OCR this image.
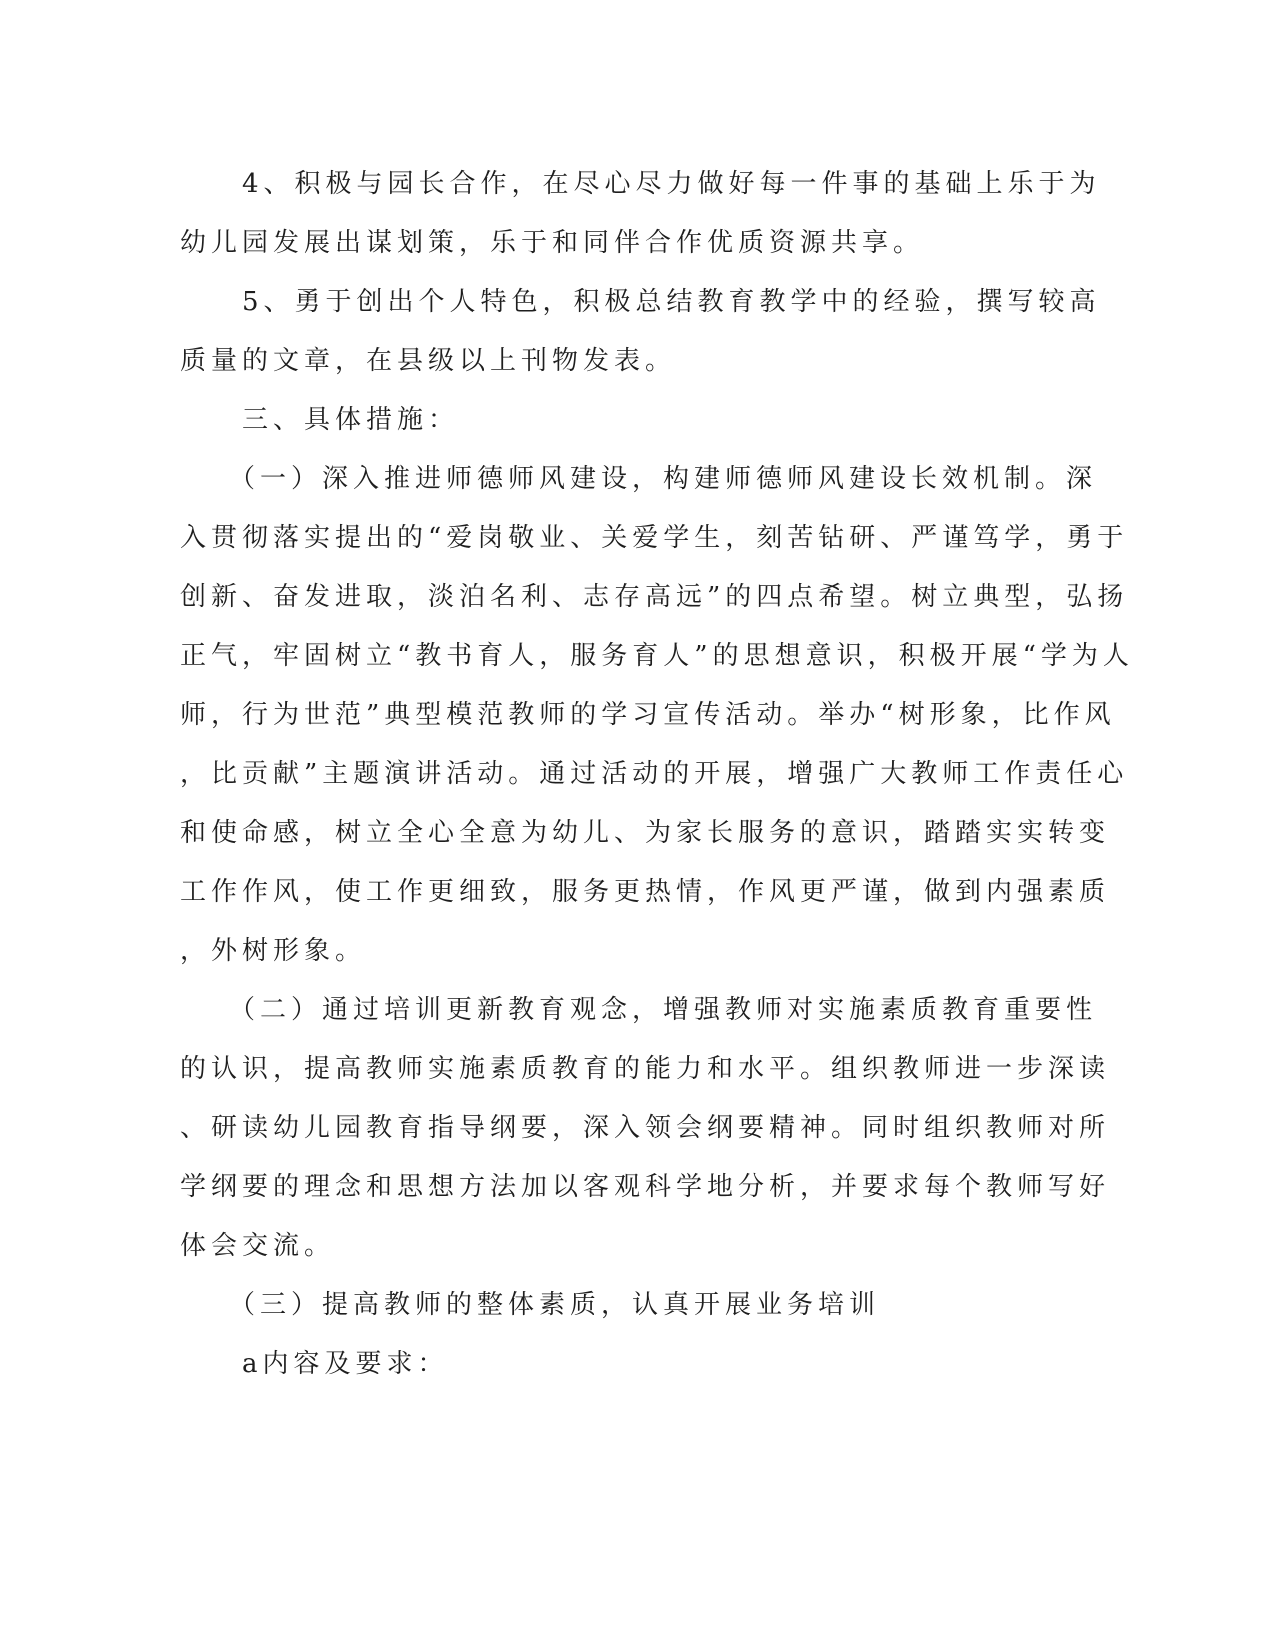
　　4、积极与园长合作，在尽心尽力做好每一件事的基础上乐于为
幼儿园发展出谋划策，乐于和同伴合作优质资源共享。
　　5、勇于创出个人特色，积极总结教育教学中的经验，撰写较高
质量的文章，在县级以上刊物发表。
　　三、具体措施：
　　（一）深入推进师德师风建设，构建师德师风建设长效机制。深
入贯彻落实提出的“爱岗敬业、关爱学生，刻苦钻研、严谨笃学，勇于
创新、奋发进取，淡泊名利、志存高远”的四点希望。树立典型，弘扬
正气，牢固树立“教书育人，服务育人”的思想意识，积极开展“学为人
师，行为世范”典型模范教师的学习宣传活动。举办“树形象，比作风
，比贡献”主题演讲活动。通过活动的开展，增强广大教师工作责任心
和使命感，树立全心全意为幼儿、为家长服务的意识，踏踏实实转变
工作作风，使工作更细致，服务更热情，作风更严谨，做到内强素质
，外树形象。
　　（二）通过培训更新教育观念，增强教师对实施素质教育重要性
的认识，提高教师实施素质教育的能力和水平。组织教师进一步深读
、研读幼儿园教育指导纲要，深入领会纲要精神。同时组织教师对所
学纲要的理念和思想方法加以客观科学地分析，并要求每个教师写好
体会交流。
　　（三）提高教师的整体素质，认真开展业务培训
　　a内容及要求：
